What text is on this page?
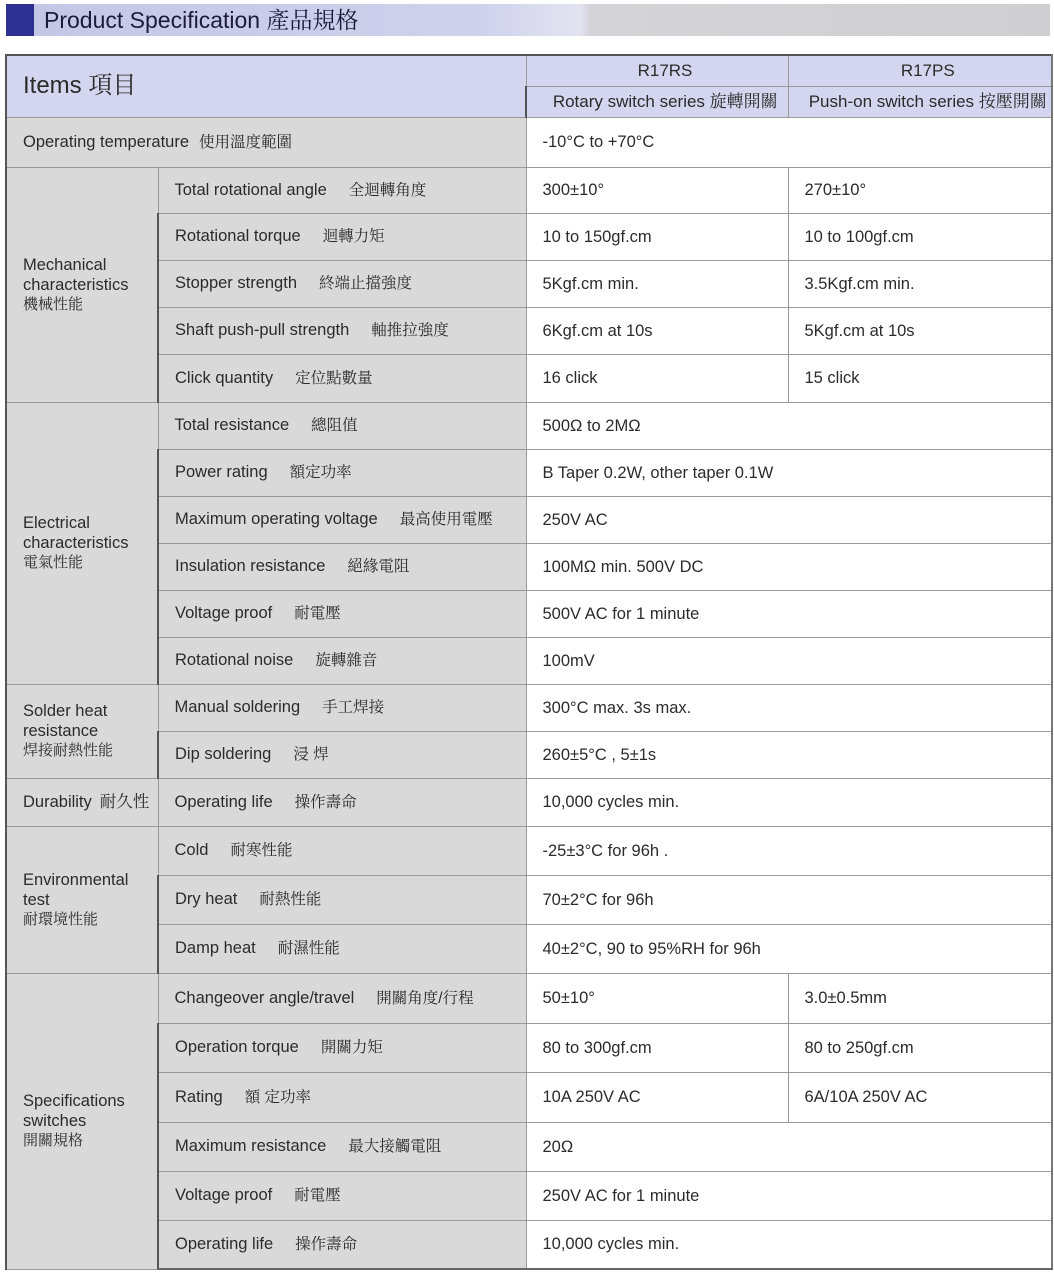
Product Specification 產品規格
Items 項目		R17RS	R17PS
		Rotary switch series 旋轉開關	Push-on switch series 按壓開關
Operating temperature 使用溫度範圍		-10°C to +70°C	

Mechanical
characteristics
機械性能	Total rotational angle 全迴轉角度	300±10°	270±10°
	Rotational torque 迴轉力矩	10 to 150gf.cm	10 to 100gf.cm
	Stopper strength 終端止擋強度	5Kgf.cm min.	3.5Kgf.cm min.
	Shaft push-pull strength 軸推拉強度	6Kgf.cm at 10s	5Kgf.cm at 10s
	Click quantity 定位點數量	16 click	15 click

Electrical
characteristics
電氣性能	Total resistance 總阻值	500Ω to 2MΩ	
	Power rating 額定功率	B Taper 0.2W, other taper 0.1W	
	Maximum operating voltage 最高使用電壓	250V AC	
	Insulation resistance 絕緣電阻	100MΩ min. 500V DC	
	Voltage proof 耐電壓	500V AC for 1 minute	
	Rotational noise 旋轉雜音	100mV	

Solder heat
resistance
焊接耐熱性能	Manual soldering 手工焊接	300°C max. 3s max.	
	Dip soldering 浸 焊	260±5°C , 5±1s	
Durability 耐久性	Operating life 操作壽命	10,000 cycles min.	

Environmental
test
耐環境性能	Cold 耐寒性能	-25±3°C for 96h .	
	Dry heat 耐熱性能	70±2°C for 96h	
	Damp heat 耐濕性能	40±2°C, 90 to 95%RH for 96h	

Specifications
switches
開關規格	Changeover angle/travel 開關角度/行程	50±10°	3.0±0.5mm
	Operation torque 開關力矩	80 to 300gf.cm	80 to 250gf.cm
	Rating 額 定功率	10A 250V AC	6A/10A 250V AC
	Maximum resistance 最大接觸電阻	20Ω	
	Voltage proof 耐電壓	250V AC for 1 minute	
	Operating life 操作壽命	10,000 cycles min.	
